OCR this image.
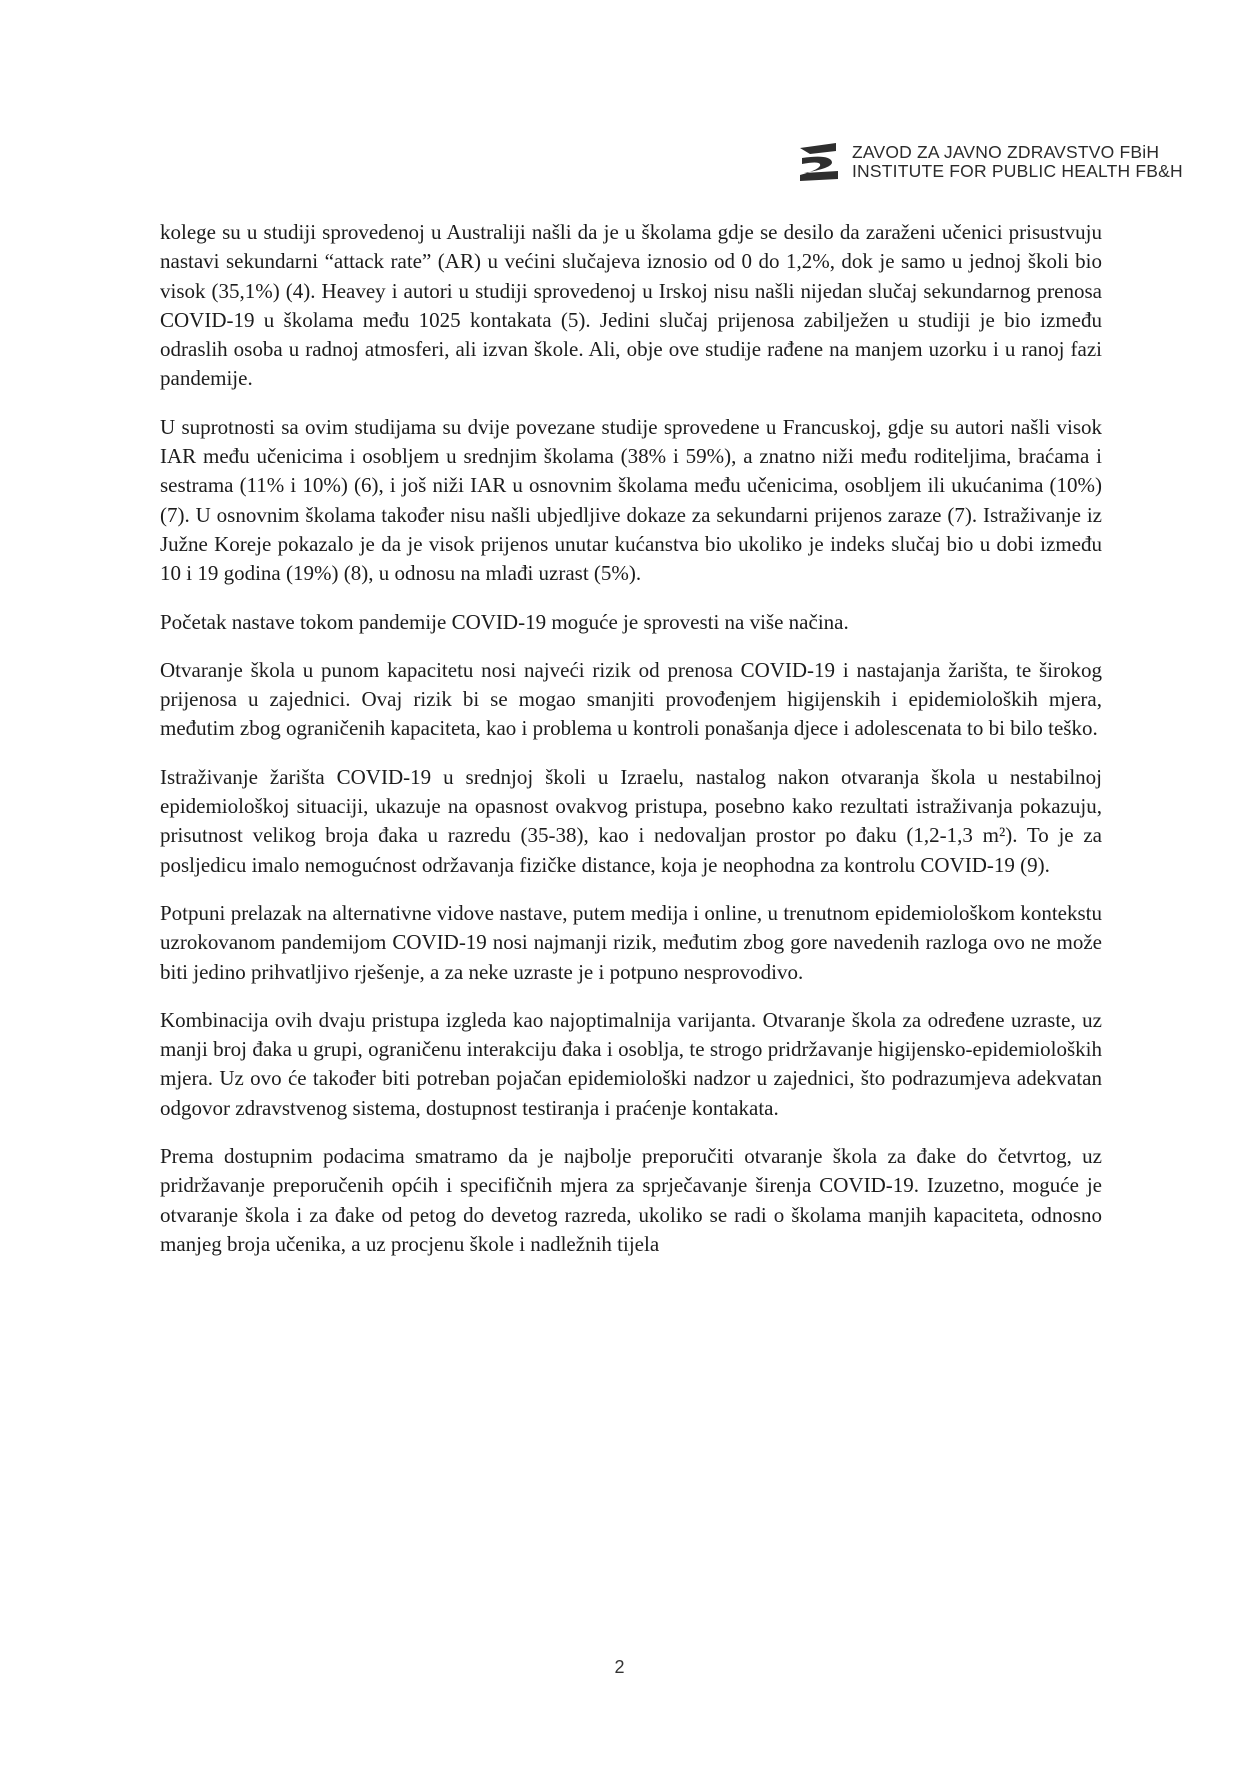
ZAVOD ZA JAVNO ZDRAVSTVO FBiH
INSTITUTE FOR PUBLIC HEALTH FB&H

kolege su u studiji sprovedenoj u Australiji našli da je u školama gdje se desilo da zaraženi učenici prisustvuju nastavi sekundarni “attack rate” (AR) u većini slučajeva iznosio od 0 do 1,2%, dok je samo u jednoj školi bio visok (35,1%) (4). Heavey i autori u studiji sprovedenoj u Irskoj nisu našli nijedan slučaj sekundarnog prenosa COVID-19 u školama među 1025 kontakata (5). Jedini slučaj prijenosa zabilježen u studiji je bio između odraslih osoba u radnoj atmosferi, ali izvan škole. Ali, obje ove studije rađene na manjem uzorku i u ranoj fazi pandemije.

U suprotnosti sa ovim studijama su dvije povezane studije sprovedene u Francuskoj, gdje su autori našli visok IAR među učenicima i osobljem u srednjim školama (38% i 59%), a znatno niži među roditeljima, braćama i sestrama (11% i 10%) (6), i još niži IAR u osnovnim školama među učenicima, osobljem ili ukućanima (10%) (7). U osnovnim školama također nisu našli ubjedljive dokaze za sekundarni prijenos zaraze (7). Istraživanje iz Južne Koreje pokazalo je da je visok prijenos unutar kućanstva bio ukoliko je indeks slučaj bio u dobi između 10 i 19 godina (19%) (8), u odnosu na mlađi uzrast (5%).

Početak nastave tokom pandemije COVID-19 moguće je sprovesti na više načina.

Otvaranje škola u punom kapacitetu nosi najveći rizik od prenosa COVID-19 i nastajanja žarišta, te širokog prijenosa u zajednici. Ovaj rizik bi se mogao smanjiti provođenjem higijenskih i epidemioloških mjera, međutim zbog ograničenih kapaciteta, kao i problema u kontroli ponašanja djece i adolescenata to bi bilo teško.

Istraživanje žarišta COVID-19 u srednjoj školi u Izraelu, nastalog nakon otvaranja škola u nestabilnoj epidemiološkoj situaciji, ukazuje na opasnost ovakvog pristupa, posebno kako rezultati istraživanja pokazuju, prisutnost velikog broja đaka u razredu (35-38), kao i nedovaljan prostor po đaku (1,2-1,3 m²). To je za posljedicu imalo nemogućnost održavanja fizičke distance, koja je neophodna za kontrolu COVID-19 (9).

Potpuni prelazak na alternativne vidove nastave, putem medija i online, u trenutnom epidemiološkom kontekstu uzrokovanom pandemijom COVID-19 nosi najmanji rizik, međutim zbog gore navedenih razloga ovo ne može biti jedino prihvatljivo rješenje, a za neke uzraste je i potpuno nesprovodivo.

Kombinacija ovih dvaju pristupa izgleda kao najoptimalnija varijanta. Otvaranje škola za određene uzraste, uz manji broj đaka u grupi, ograničenu interakciju đaka i osoblja, te strogo pridržavanje higijensko-epidemioloških mjera. Uz ovo će također biti potreban pojačan epidemiološki nadzor u zajednici, što podrazumjeva adekvatan odgovor zdravstvenog sistema, dostupnost testiranja i praćenje kontakata.

Prema dostupnim podacima smatramo da je najbolje preporučiti otvaranje škola za đake do četvrtog, uz pridržavanje preporučenih općih i specifičnih mjera za sprječavanje širenja COVID-19. Izuzetno, moguće je otvaranje škola i za đake od petog do devetog razreda, ukoliko se radi o školama manjih kapaciteta, odnosno manjeg broja učenika, a uz procjenu škole i nadležnih tijela

2
